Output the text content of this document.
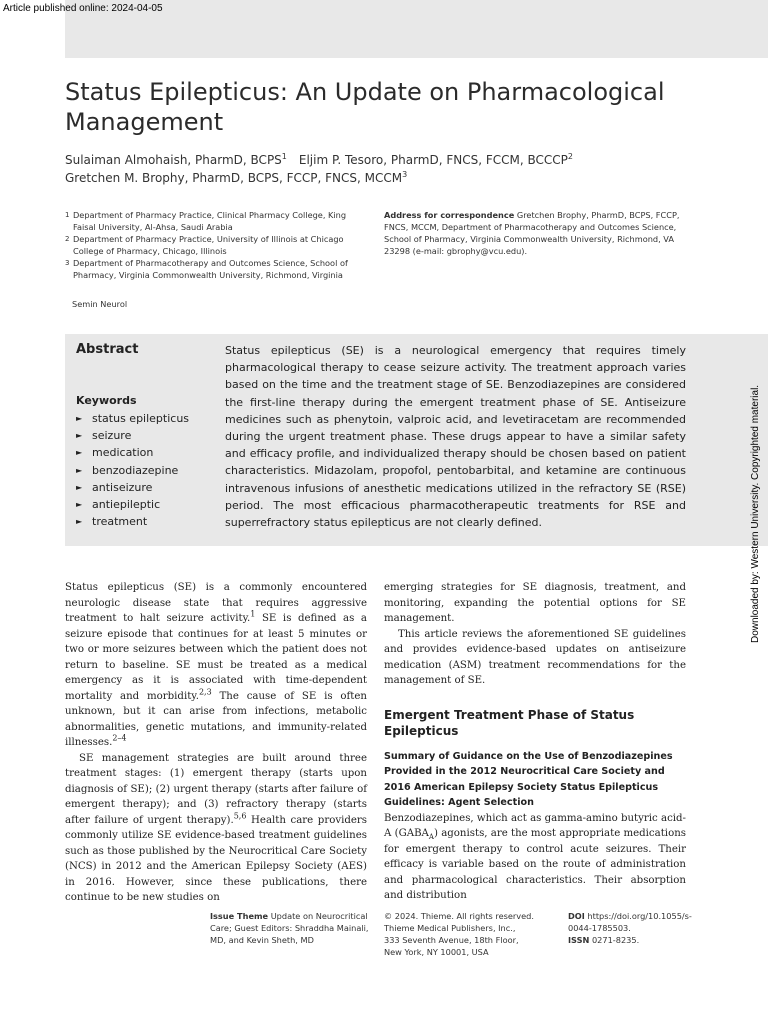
Article published online: 2024-04-05
Status Epilepticus: An Update on Pharmacological Management
Sulaiman Almohaish, PharmD, BCPS$^1$ Eljim P. Tesoro, PharmD, FNCS, FCCM, BCCCP$^2$
Gretchen M. Brophy, PharmD, BCPS, FCCP, FNCS, MCCM$^3$
1 Department of Pharmacy Practice, Clinical Pharmacy College, King Faisal University, Al-Ahsa, Saudi Arabia
2 Department of Pharmacy Practice, University of Illinois at Chicago College of Pharmacy, Chicago, Illinois
3 Department of Pharmacotherapy and Outcomes Science, School of Pharmacy, Virginia Commonwealth University, Richmond, Virginia
Address for correspondence Gretchen Brophy, PharmD, BCPS, FCCP, FNCS, MCCM, Department of Pharmacotherapy and Outcomes Science, School of Pharmacy, Virginia Commonwealth University, Richmond, VA 23298 (e-mail: gbrophy@vcu.edu).
Semin Neurol
Abstract
Keywords
► status epilepticus
► seizure
► medication
► benzodiazepine
► antiseizure
► antiepileptic
► treatment
Status epilepticus (SE) is a neurological emergency that requires timely pharmacological therapy to cease seizure activity. The treatment approach varies based on the time and the treatment stage of SE. Benzodiazepines are considered the first-line therapy during the emergent treatment phase of SE. Antiseizure medicines such as phenytoin, valproic acid, and levetiracetam are recommended during the urgent treatment phase. These drugs appear to have a similar safety and efficacy profile, and individualized therapy should be chosen based on patient characteristics. Midazolam, propofol, pentobarbital, and ketamine are continuous intravenous infusions of anesthetic medications utilized in the refractory SE (RSE) period. The most efficacious pharmacotherapeutic treatments for RSE and superrefractory status epilepticus are not clearly defined.

Status epilepticus (SE) is a commonly encountered neurologic disease state that requires aggressive treatment to halt seizure activity.$^1$ SE is defined as a seizure episode that continues for at least 5 minutes or two or more seizures between which the patient does not return to baseline. SE must be treated as a medical emergency as it is associated with time-dependent mortality and morbidity.$^{2,3}$ The cause of SE is often unknown, but it can arise from infections, metabolic abnormalities, genetic mutations, and immunity-related illnesses.$^{2-4}$

SE management strategies are built around three treatment stages: (1) emergent therapy (starts upon diagnosis of SE); (2) urgent therapy (starts after failure of emergent therapy); and (3) refractory therapy (starts after failure of urgent therapy).$^{5,6}$ Health care providers commonly utilize SE evidence-based treatment guidelines such as those published by the Neurocritical Care Society (NCS) in 2012 and the American Epilepsy Society (AES) in 2016. However, since these publications, there continue to be new studies on

emerging strategies for SE diagnosis, treatment, and monitoring, expanding the potential options for SE management.

This article reviews the aforementioned SE guidelines and provides evidence-based updates on antiseizure medication (ASM) treatment recommendations for the management of SE.

Emergent Treatment Phase of Status Epilepticus

Summary of Guidance on the Use of Benzodiazepines Provided in the 2012 Neurocritical Care Society and 2016 American Epilepsy Society Status Epilepticus Guidelines: Agent Selection

Benzodiazepines, which act as gamma-amino butyric acid-A $(GABA_A)$ agonists, are the most appropriate medications for emergent therapy to control acute seizures. Their efficacy is variable based on the route of administration and pharmacological characteristics. Their absorption and distribution

Downloaded by: Western University. Copyrighted material.
Issue Theme Update on Neurocritical Care; Guest Editors: Shraddha Mainali, MD, and Kevin Sheth, MD
© 2024. Thieme. All rights reserved.
Thieme Medical Publishers, Inc.,
333 Seventh Avenue, 18th Floor,
New York, NY 10001, USA
DOI https://doi.org/10.1055/s-0044-1785503.
ISSN 0271-8235.
